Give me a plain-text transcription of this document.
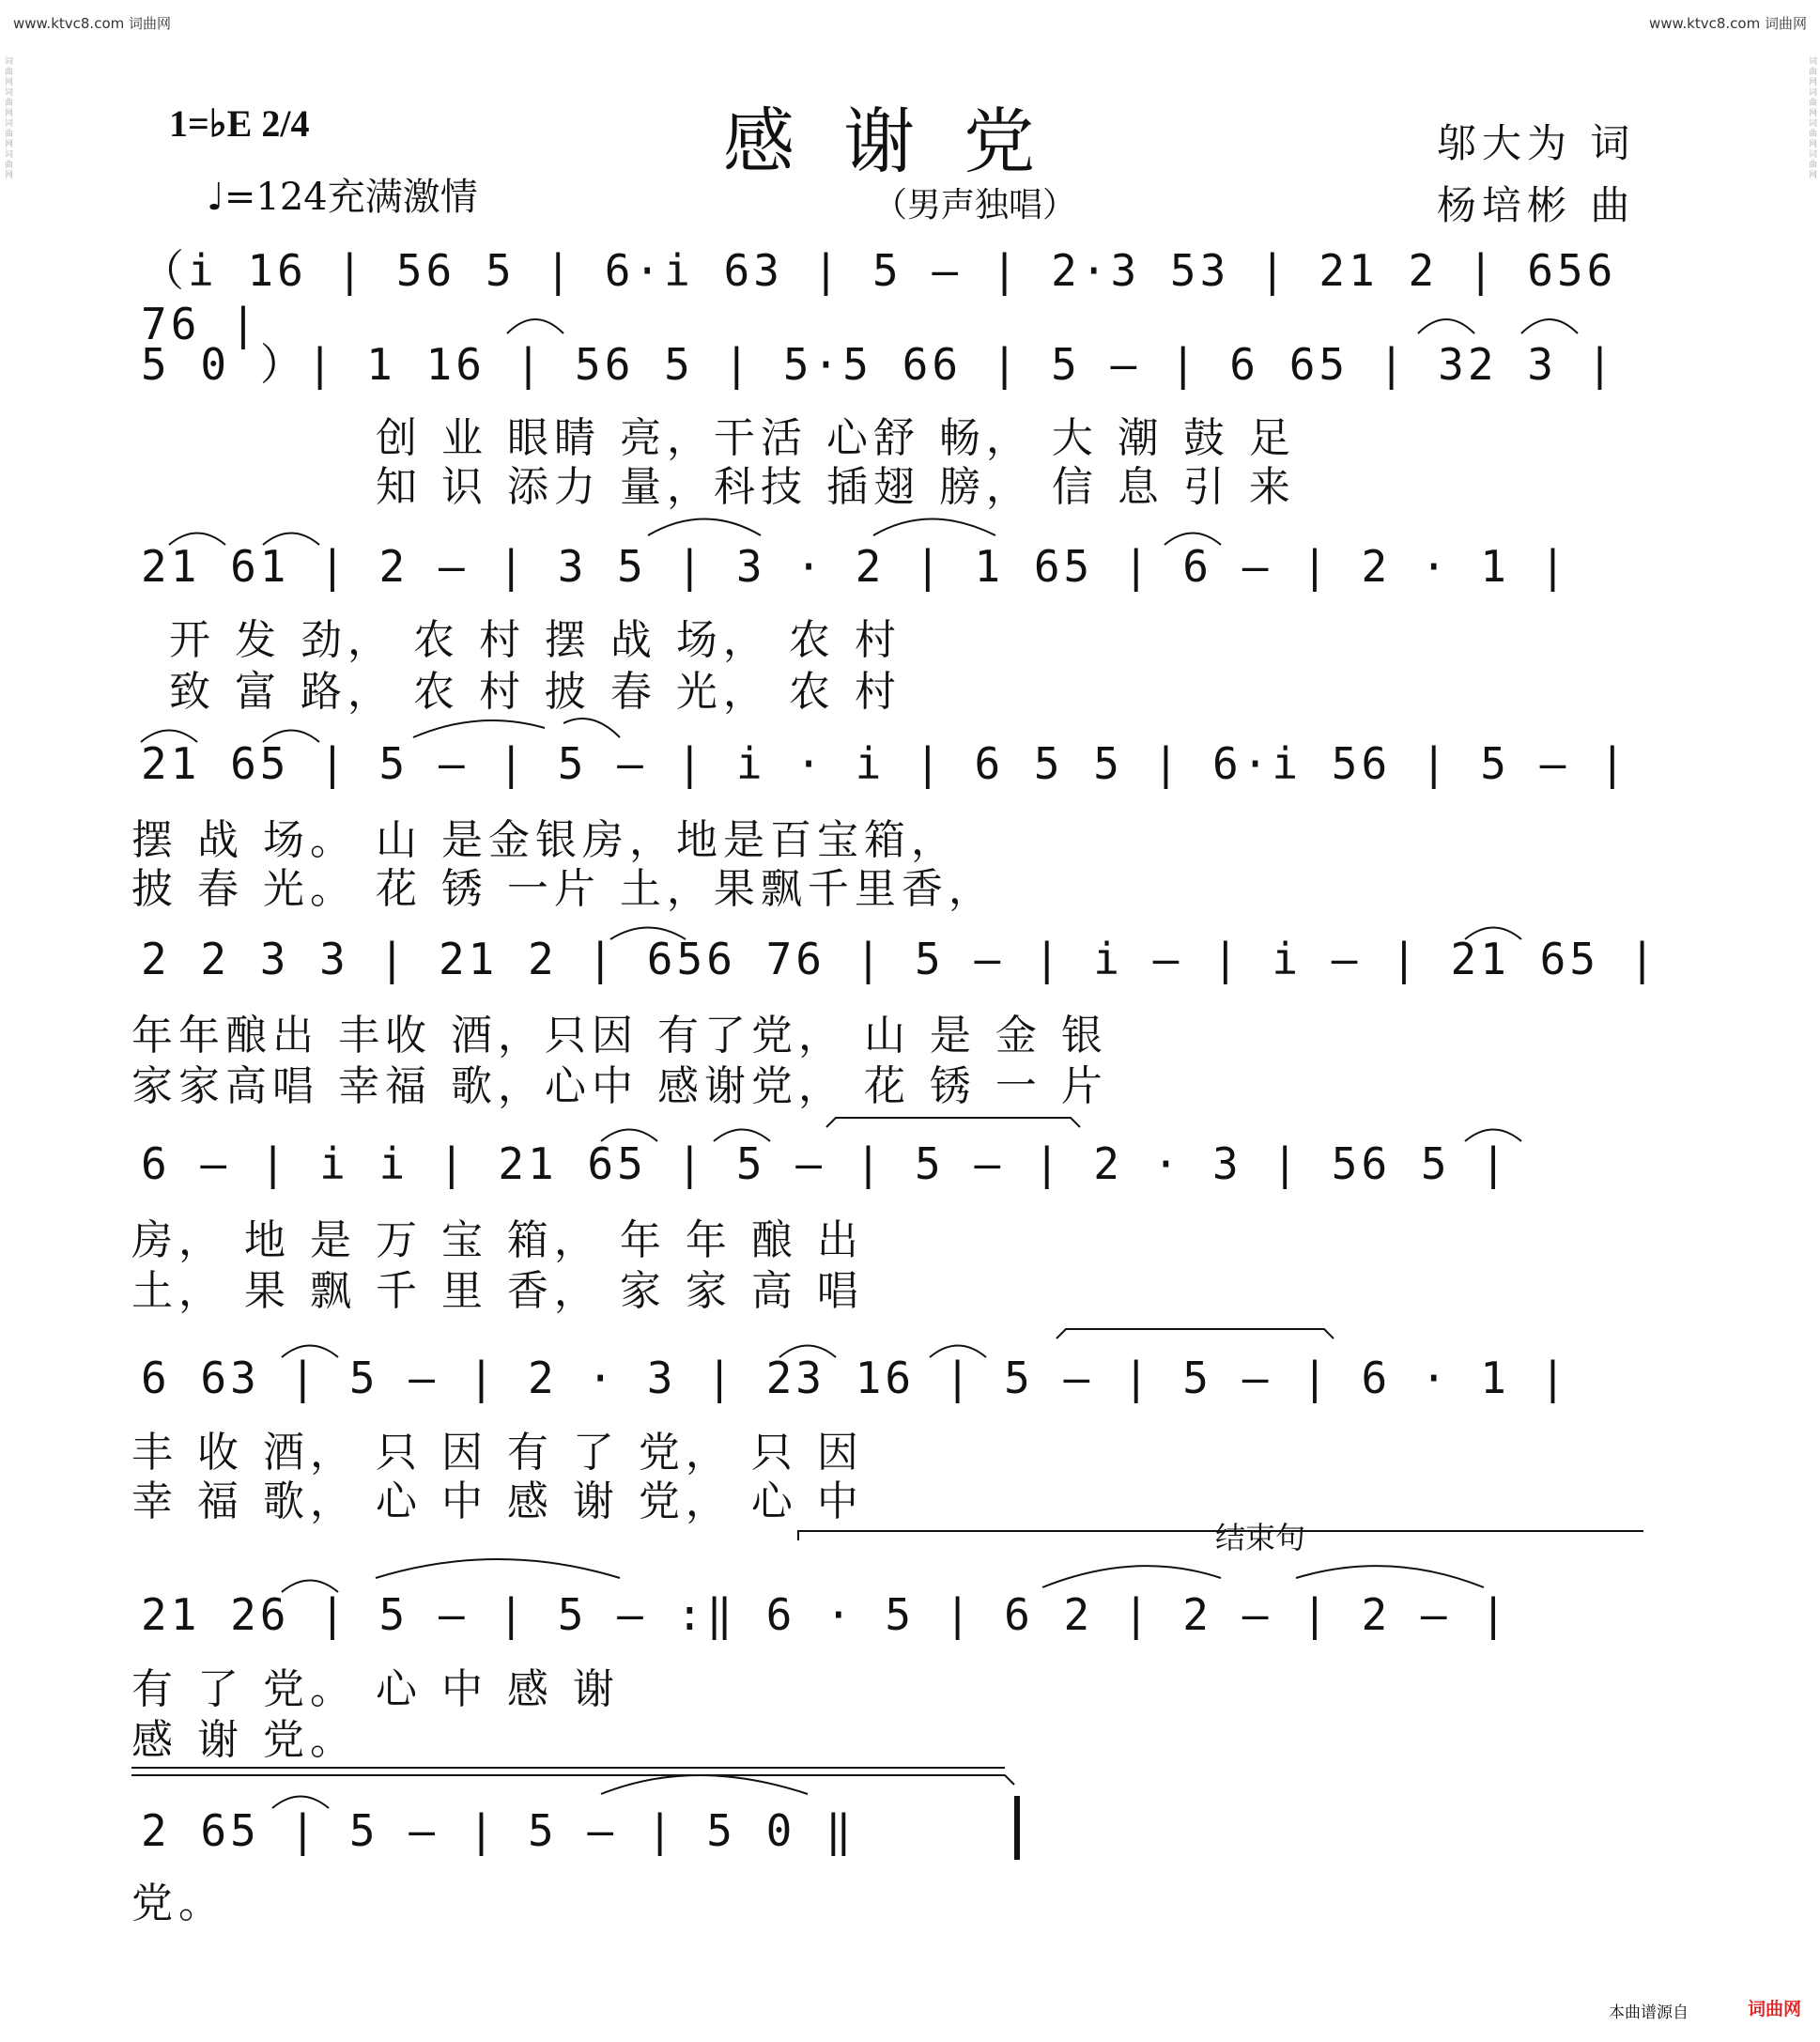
www.ktvc8.com 词曲网	www.ktvc8.com 词曲网
词曲网词曲网词曲网词曲网	词曲网词曲网词曲网词曲网
1=♭E 2/4
♩=124充满激情
感谢党
（男声独唱）
邬大为 词
杨培彬 曲
（i 16 | 56 5 | 6·i 63 | 5 — | 2·3 53 | 21 2 | 656 76 |
5 0 ）| 1 16 | 56 5 | 5·5 66 | 5 — | 6 65 | 32 3 |
创 业 眼睛 亮，干活 心舒 畅， 大 潮 鼓 足
知 识 添力 量，科技 插翅 膀， 信 息 引 来
21 61 | 2 — | 3 5 | 3 · 2 | 1 65 | 6 — | 2 · 1 |
开 发 劲， 农 村 摆 战 场， 农 村
致 富 路， 农 村 披 春 光， 农 村
21 65 | 5 — | 5 — | i · i | 6 5 5 | 6·i 56 | 5 — |
摆 战 场。 山 是金银房，地是百宝箱，
披 春 光。 花 锈 一片 土，果飘千里香，
2 2 3 3 | 21 2 | 656 76 | 5 — | i — | i — | 21 65 |
年年酿出 丰收 酒，只因 有了党， 山 是 金 银
家家高唱 幸福 歌，心中 感谢党， 花 锈 一 片
6 — | i i | 21 65 | 5 — | 5 — | 2 · 3 | 56 5 |
房， 地 是 万 宝 箱， 年 年 酿 出
土， 果 飘 千 里 香， 家 家 高 唱
6 63 | 5 — | 2 · 3 | 23 16 | 5 — | 5 — | 6 · 1 |
丰 收 酒， 只 因 有 了 党， 只 因
幸 福 歌， 心 中 感 谢 党， 心 中
结束句
21 26 | 5 — | 5 — :‖ 6 · 5 | 6 2 | 2 — | 2 — |
有 了 党。 心 中 感 谢
感 谢 党。
2 65 | 5 — | 5 — | 5 0 ‖
党。
本曲谱源自	词曲网
